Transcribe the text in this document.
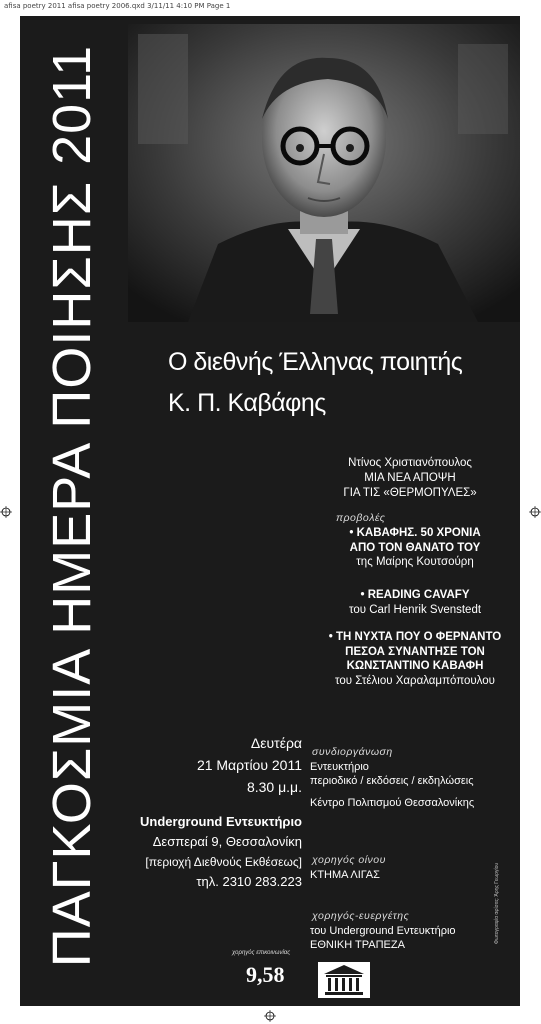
afisa poetry 2011 afisa poetry 2006.qxd 3/11/11 4:10 PM Page 1
ΠΑΓΚΟΣΜΙΑ ΗΜΕΡΑ ΠΟΙΗΣΗΣ 2011	Ο διεθνής Έλληνας ποιητής
Κ. Π. Καβάφης
Ντίνος Χριστιανόπουλος
ΜΙΑ ΝΕΑ ΑΠΟΨΗ
ΓΙΑ ΤΙΣ «ΘΕΡΜΟΠΥΛΕΣ»
προβολές
• ΚΑΒΑΦΗΣ. 50 ΧΡΟΝΙΑ
ΑΠΟ ΤΟΝ ΘΑΝΑΤΟ ΤΟΥ
της Μαίρης Κουτσούρη
• READING CAVAFY
του Carl Henrik Svenstedt
• ΤΗ ΝΥΧΤΑ ΠΟΥ Ο ΦΕΡΝΑΝΤΟ
ΠΕΣΟΑ ΣΥΝΑΝΤΗΣΕ ΤΟΝ
ΚΩΝΣΤΑΝΤΙΝΟ ΚΑΒΑΦΗ
του Στέλιου Χαραλαμπόπουλου
Δευτέρα
21 Μαρτίου 2011
8.30 μ.μ.
Underground Εντευκτήριο
Δεσπεραί 9, Θεσσαλονίκη
[περιοχή Διεθνούς Εκθέσεως]
τηλ. 2310 283.223
συνδιοργάνωση
Εντευκτήριο
περιοδικό / εκδόσεις / εκδηλώσεις
Κέντρο Πολιτισμού Θεσσαλονίκης
χορηγός οίνου
ΚΤΗΜΑ ΛΙΓΑΣ
χορηγός-ευεργέτης
του Underground Εντευκτήριο
ΕΘΝΙΚΗ ΤΡΑΠΕΖΑ
Φωτογραφία αφίσας: Άρης Γεωργίου
χορηγός επικοινωνίας
9,58
ΕΘΝΙΚΗ ΤΡΑΠΕΖΑ
